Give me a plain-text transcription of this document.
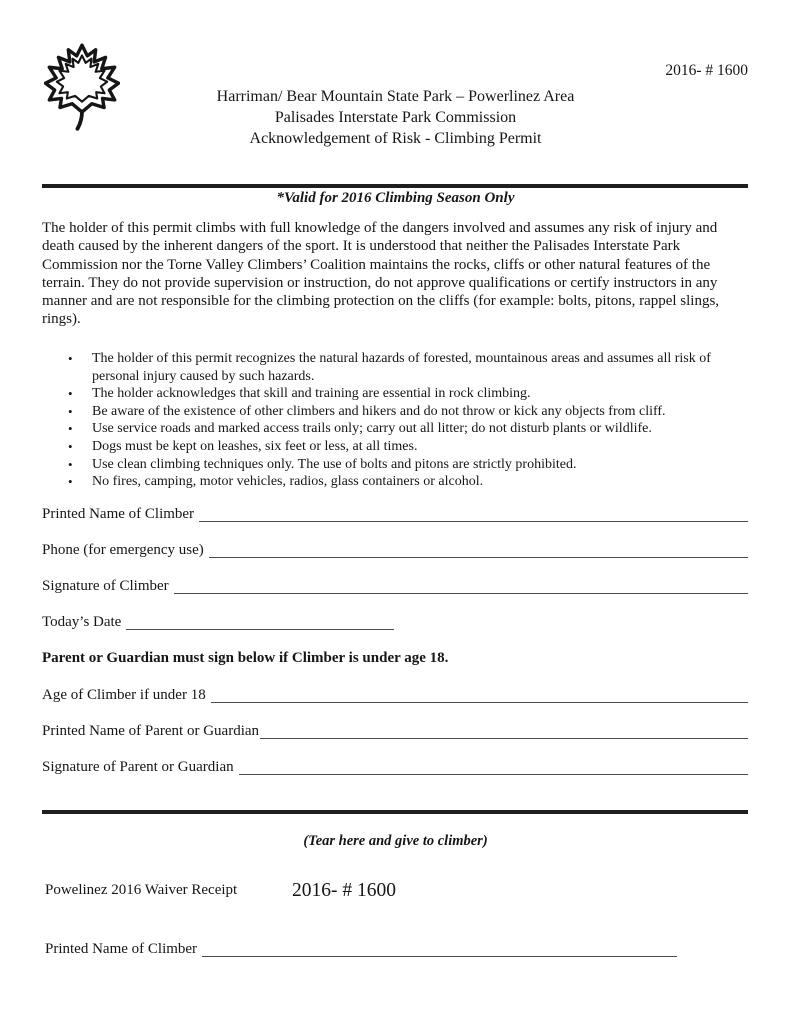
2016- # 1600
Harriman/ Bear Mountain State Park – Powerlinez Area
Palisades Interstate Park Commission
Acknowledgement of Risk - Climbing Permit
*Valid for 2016 Climbing Season Only
The holder of this permit climbs with full knowledge of the dangers involved and assumes any risk of injury and death caused by the inherent dangers of the sport. It is understood that neither the Palisades Interstate Park Commission nor the Torne Valley Climbers’ Coalition maintains the rocks, cliffs or other natural features of the terrain. They do not provide supervision or instruction, do not approve qualifications or certify instructors in any manner and are not responsible for the climbing protection on the cliffs (for example: bolts, pitons, rappel slings, rings).
•
The holder of this permit recognizes the natural hazards of forested, mountainous areas and assumes all risk of personal injury caused by such hazards.
•
The holder acknowledges that skill and training are essential in rock climbing.
•
Be aware of the existence of other climbers and hikers and do not throw or kick any objects from cliff.
•
Use service roads and marked access trails only; carry out all litter; do not disturb plants or wildlife.
•
Dogs must be kept on leashes, six feet or less, at all times.
•
Use clean climbing techniques only. The use of bolts and pitons are strictly prohibited.
•
No fires, camping, motor vehicles, radios, glass containers or alcohol.
Printed Name of Climber
Phone (for emergency use)
Signature of Climber
Today’s Date
Parent or Guardian must sign below if Climber is under age 18.
Age of Climber if under 18
Printed Name of Parent or Guardian
Signature of Parent or Guardian
(Tear here and give to climber)
Powelinez 2016 Waiver Receipt	2016- # 1600
Printed Name of Climber
